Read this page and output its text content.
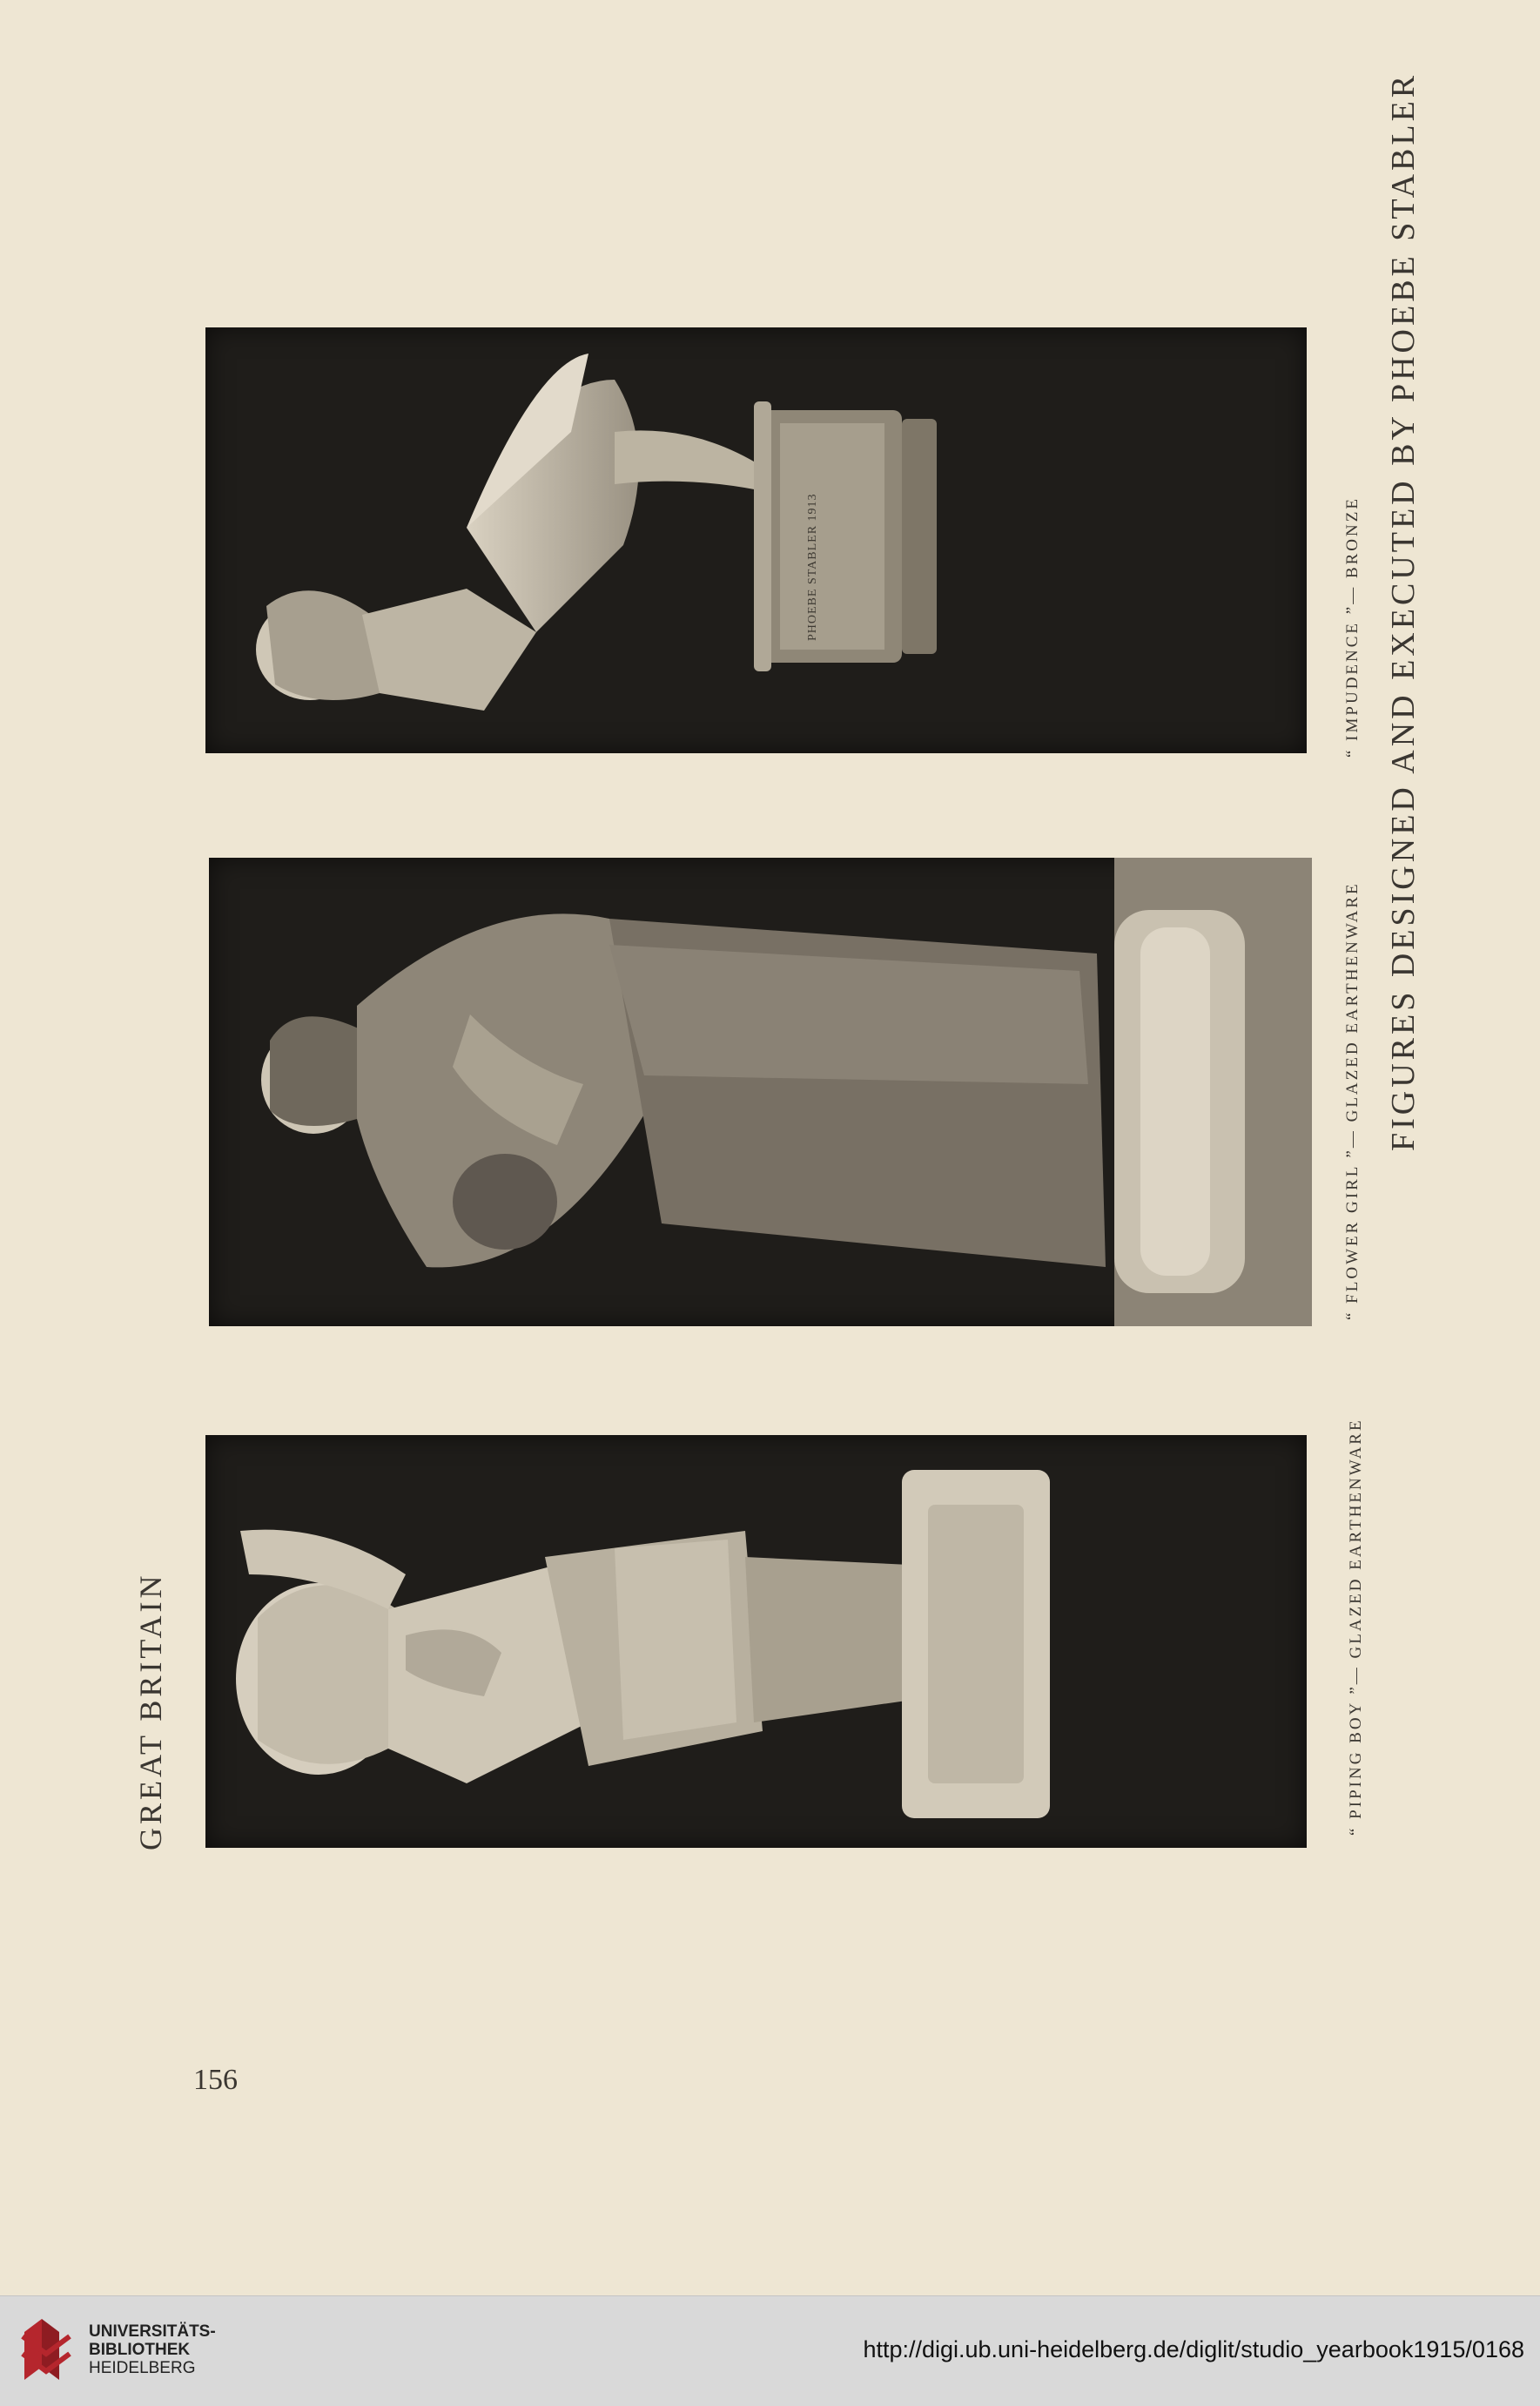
PHOEBE STABLER 1913	“ IMPUDENCE ”— BRONZE
“ FLOWER GIRL ”— GLAZED EARTHENWARE
“ PIPING BOY ”— GLAZED EARTHENWARE
FIGURES DESIGNED AND EXECUTED BY PHOEBE STABLER
GREAT BRITAIN
156
UNIVERSITÄTS-
BIBLIOTHEK
HEIDELBERG
http://digi.ub.uni-heidelberg.de/diglit/studio_yearbook1915/0168
